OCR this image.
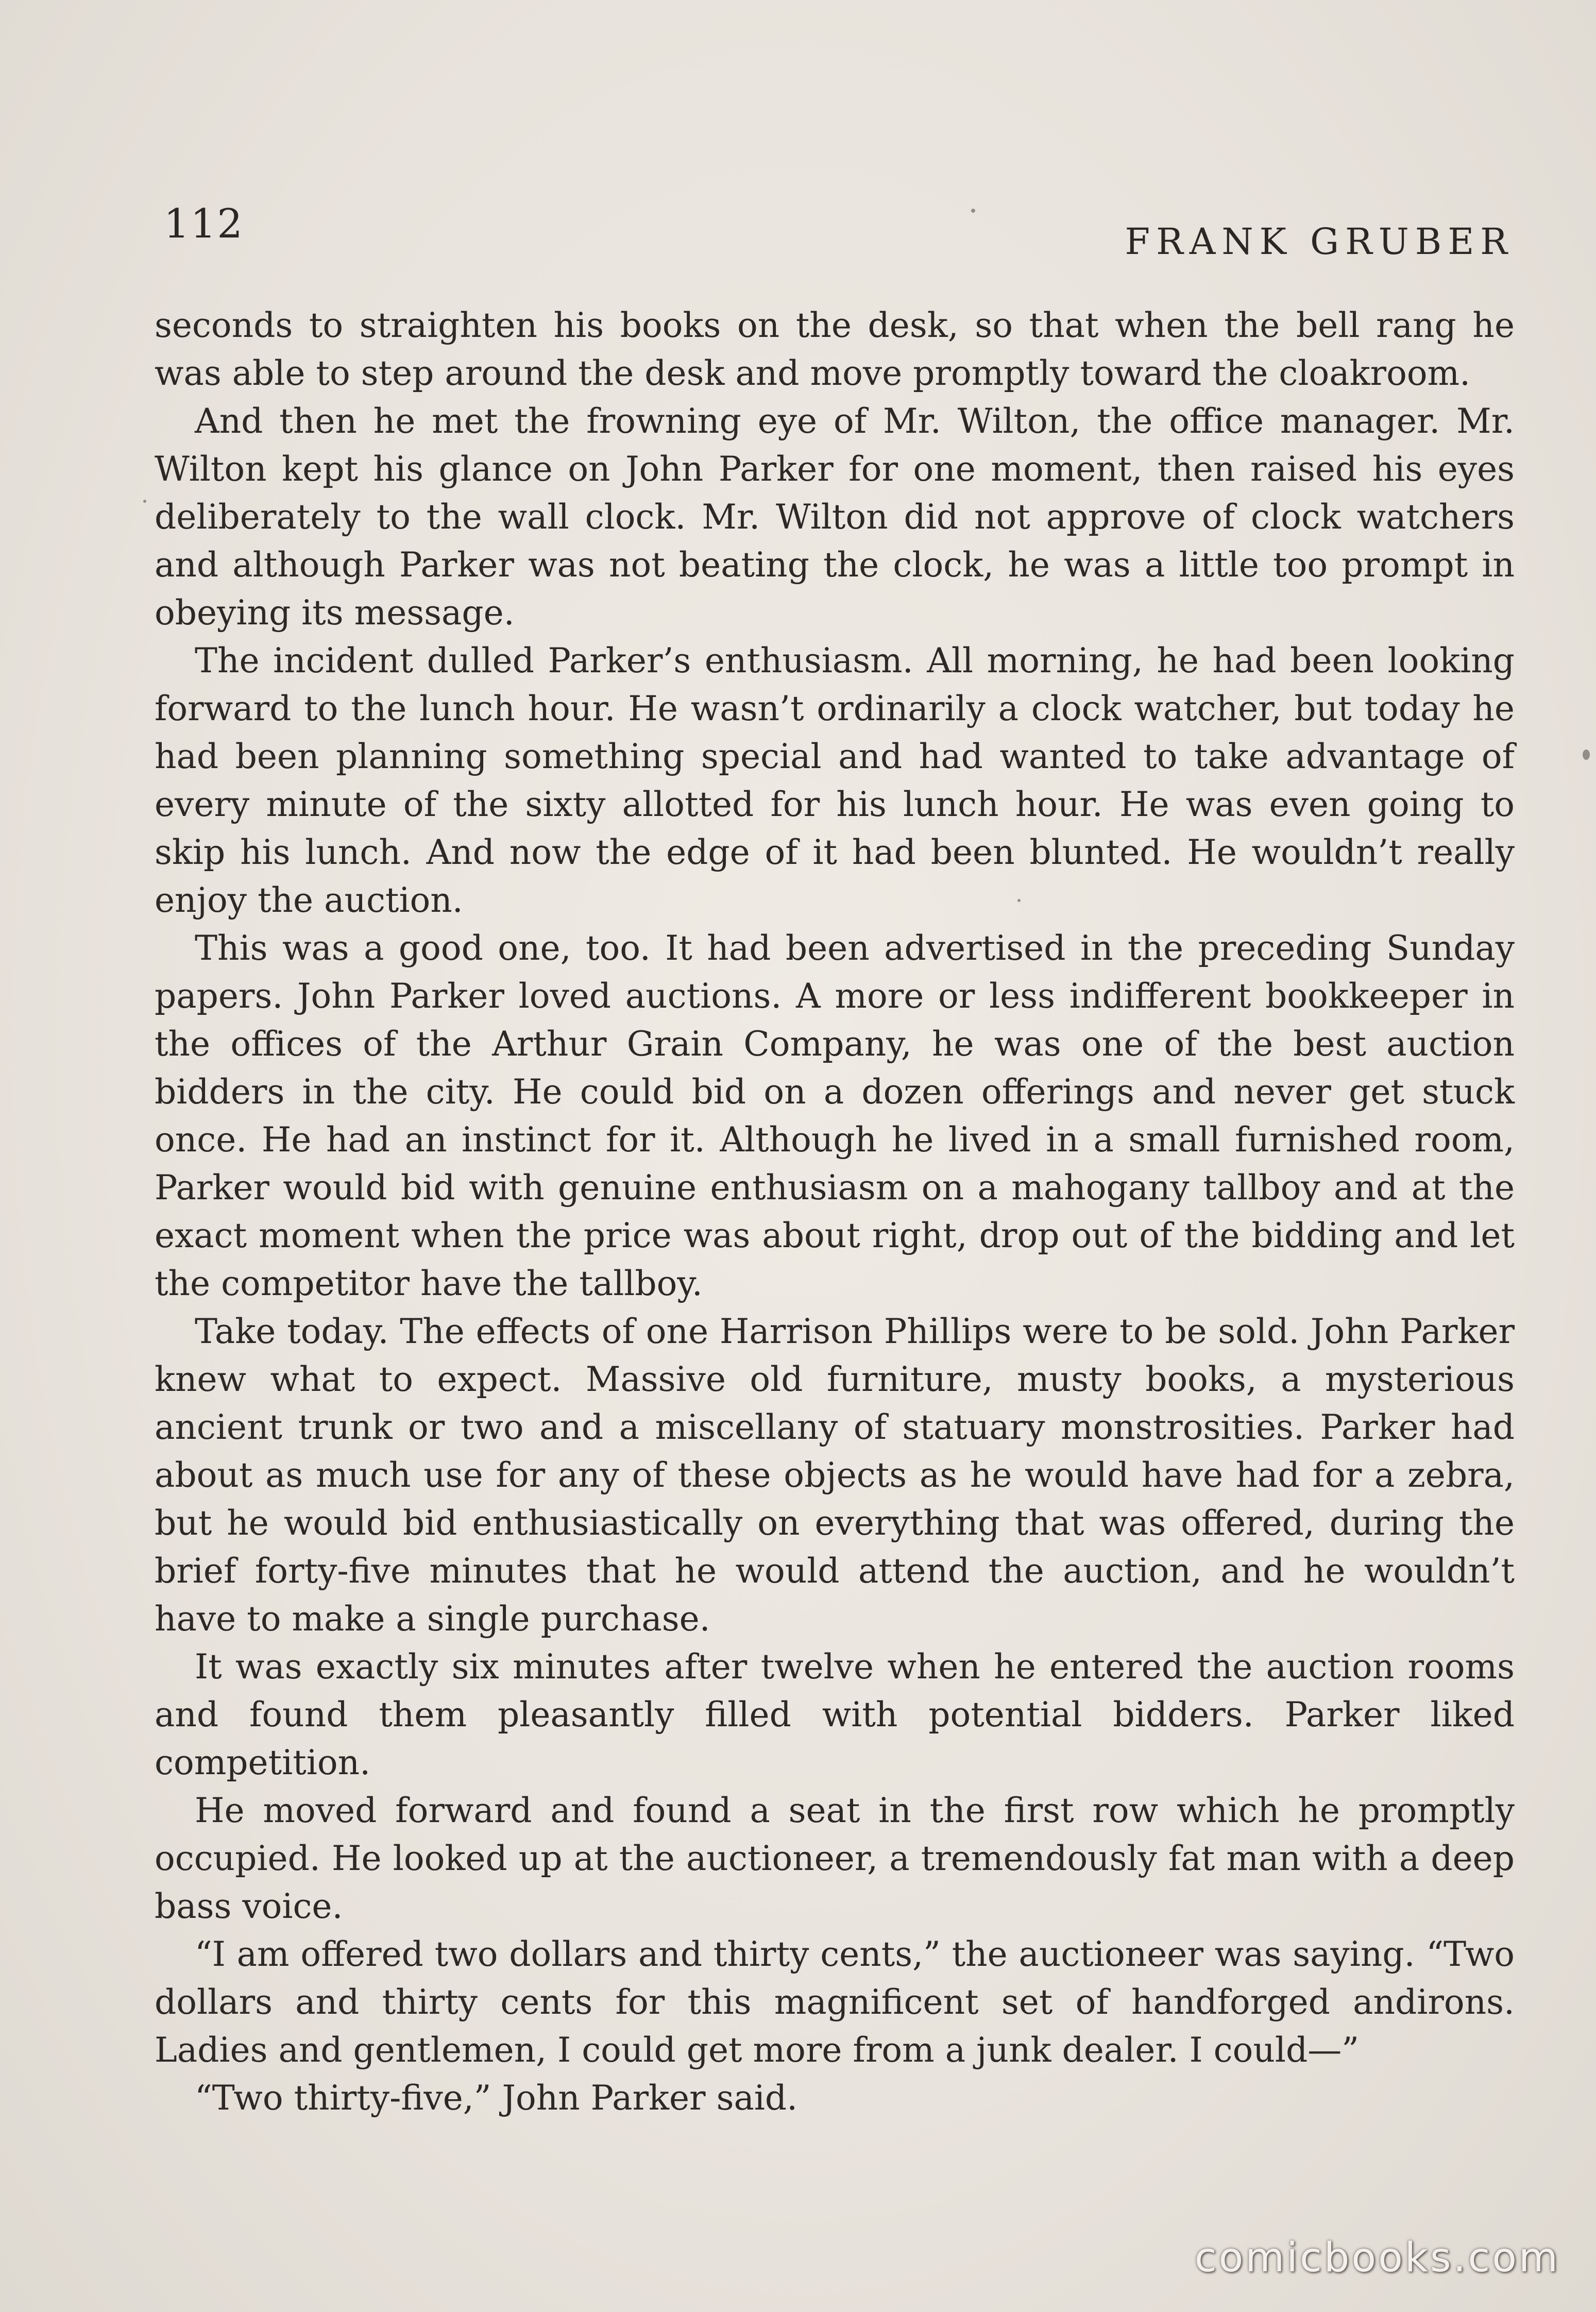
112	FRANK GRUBER

seconds to straighten his books on the desk, so that when the bell rang he was able to step around the desk and move promptly toward the cloakroom.

And then he met the frowning eye of Mr. Wilton, the office manager. Mr. Wilton kept his glance on John Parker for one moment, then raised his eyes deliberately to the wall clock. Mr. Wilton did not approve of clock watchers and although Parker was not beating the clock, he was a little too prompt in obeying its message.

The incident dulled Parker’s enthusiasm. All morning, he had been looking forward to the lunch hour. He wasn’t ordinarily a clock watcher, but today he had been planning something special and had wanted to take advantage of every minute of the sixty allotted for his lunch hour. He was even going to skip his lunch. And now the edge of it had been blunted. He wouldn’t really enjoy the auction.

This was a good one, too. It had been advertised in the preceding Sunday papers. John Parker loved auctions. A more or less indifferent bookkeeper in the offices of the Arthur Grain Company, he was one of the best auction bidders in the city. He could bid on a dozen offerings and never get stuck once. He had an instinct for it. Although he lived in a small furnished room, Parker would bid with genuine enthusiasm on a mahogany tallboy and at the exact moment when the price was about right, drop out of the bidding and let the competitor have the tallboy.

Take today. The effects of one Harrison Phillips were to be sold. John Parker knew what to expect. Massive old furniture, musty books, a mysterious ancient trunk or two and a miscellany of statuary monstrosities. Parker had about as much use for any of these objects as he would have had for a zebra, but he would bid enthusiastically on everything that was offered, during the brief forty-five minutes that he would attend the auction, and he wouldn’t have to make a single purchase.

It was exactly six minutes after twelve when he entered the auction rooms and found them pleasantly filled with potential bidders. Parker liked competition.

He moved forward and found a seat in the first row which he promptly occupied. He looked up at the auctioneer, a tremendously fat man with a deep bass voice.

“I am offered two dollars and thirty cents,” the auctioneer was saying. “Two dollars and thirty cents for this magnificent set of handforged andirons. Ladies and gentlemen, I could get more from a junk dealer. I could—”

“Two thirty-five,” John Parker said.

comicbooks.com
